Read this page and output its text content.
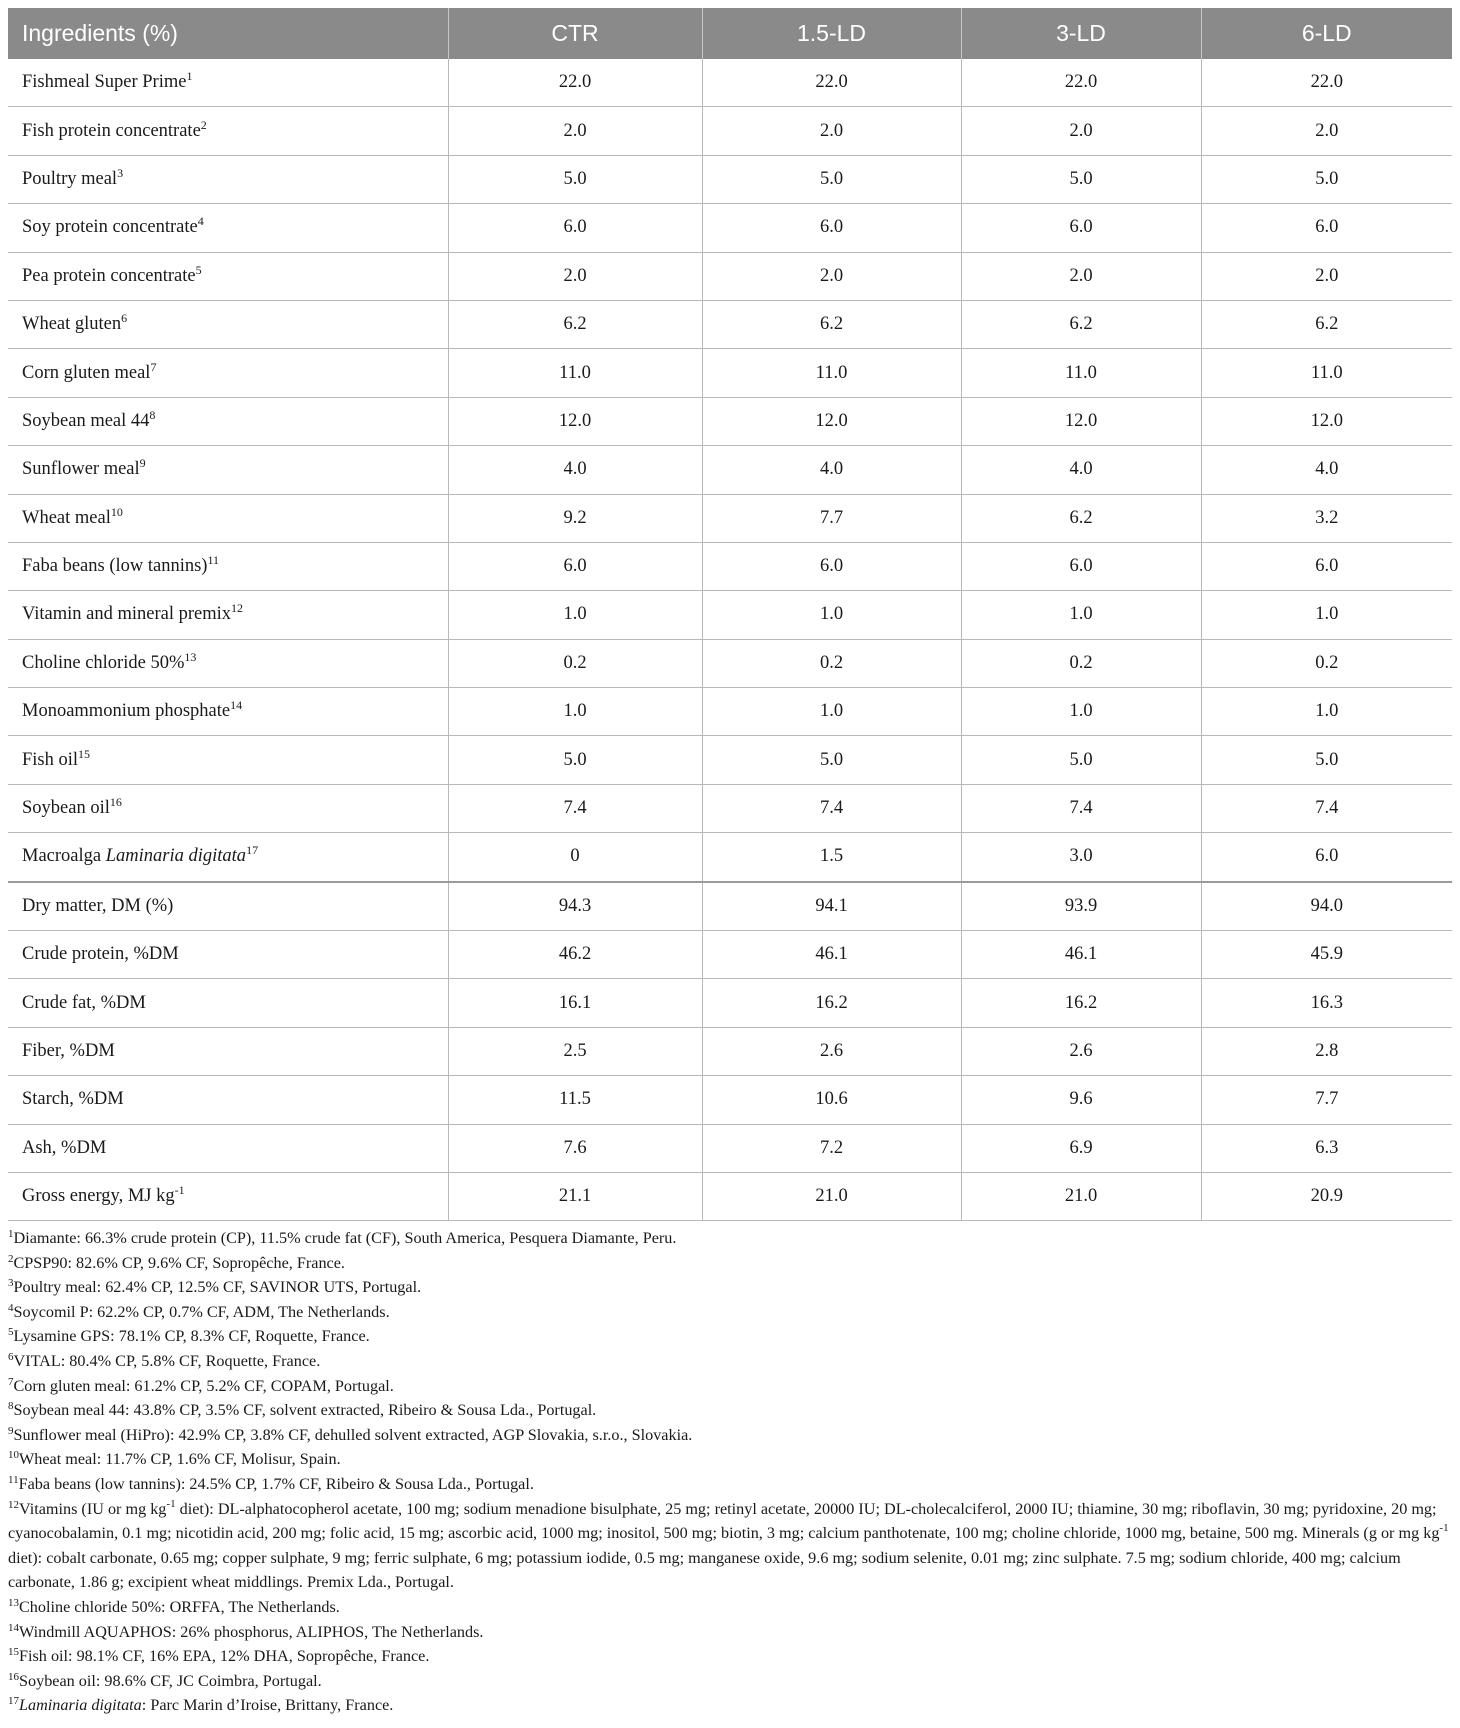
Ingredients (%)	CTR	1.5-LD	3-LD	6-LD
Fishmeal Super Prime$^1$	22.0	22.0	22.0	22.0
Fish protein concentrate$^2$	2.0	2.0	2.0	2.0
Poultry meal$^3$	5.0	5.0	5.0	5.0
Soy protein concentrate$^4$	6.0	6.0	6.0	6.0
Pea protein concentrate$^5$	2.0	2.0	2.0	2.0
Wheat gluten$^6$	6.2	6.2	6.2	6.2
Corn gluten meal$^7$	11.0	11.0	11.0	11.0
Soybean meal $44^8$	12.0	12.0	12.0	12.0
Sunflower meal$^9$	4.0	4.0	4.0	4.0
Wheat meal$^{10}$	9.2	7.7	6.2	3.2
Faba beans (low tannins)$^{11}$	6.0	6.0	6.0	6.0
Vitamin and mineral premix$^{12}$	1.0	1.0	1.0	1.0
Choline chloride 50%$^{13}$	0.2	0.2	0.2	0.2
Monoammonium phosphate$^{14}$	1.0	1.0	1.0	1.0
Fish oil$^{15}$	5.0	5.0	5.0	5.0
Soybean oil$^{16}$	7.4	7.4	7.4	7.4
Macroalga Laminaria digitata$^{17}$	0	1.5	3.0	6.0
Dry matter, DM (%)	94.3	94.1	93.9	94.0
Crude protein, %DM	46.2	46.1	46.1	45.9
Crude fat, %DM	16.1	16.2	16.2	16.3
Fiber, %DM	2.5	2.6	2.6	2.8
Starch, %DM	11.5	10.6	9.6	7.7
Ash, %DM	7.6	7.2	6.9	6.3
Gross energy, MJ $kg^{-1}$	21.1	21.0	21.0	20.9
$^1$Diamante: 66.3% crude protein (CP), 11.5% crude fat (CF), South America, Pesquera Diamante, Peru.
$^2$CPSP90: 82.6% CP, 9.6% CF, Sopropêche, France.
$^3$Poultry meal: 62.4% CP, 12.5% CF, SAVINOR UTS, Portugal.
$^4$Soycomil P: 62.2% CP, 0.7% CF, ADM, The Netherlands.
$^5$Lysamine GPS: 78.1% CP, 8.3% CF, Roquette, France.
$^6$VITAL: 80.4% CP, 5.8% CF, Roquette, France.
$^7$Corn gluten meal: 61.2% CP, 5.2% CF, COPAM, Portugal.
$^8$Soybean meal 44: 43.8% CP, 3.5% CF, solvent extracted, Ribeiro & Sousa Lda., Portugal.
$^9$Sunflower meal (HiPro): 42.9% CP, 3.8% CF, dehulled solvent extracted, AGP Slovakia, s.r.o., Slovakia.
$^{10}$Wheat meal: 11.7% CP, 1.6% CF, Molisur, Spain.
$^{11}$Faba beans (low tannins): 24.5% CP, 1.7% CF, Ribeiro & Sousa Lda., Portugal.
$^{12}$Vitamins (IU or mg $kg^{-1}$ diet): DL-alphatocopherol acetate, 100 mg; sodium menadione bisulphate, 25 mg; retinyl acetate, 20000 IU; DL-cholecalciferol, 2000 IU; thiamine, 30 mg; riboflavin, 30 mg; pyridoxine, 20 mg; cyanocobalamin, 0.1 mg; nicotidin acid, 200 mg; folic acid, 15 mg; ascorbic acid, 1000 mg; inositol, 500 mg; biotin, 3 mg; calcium panthotenate, 100 mg; choline chloride, 1000 mg, betaine, 500 mg. Minerals (g or mg $kg^{-1}$ diet): cobalt carbonate, 0.65 mg; copper sulphate, 9 mg; ferric sulphate, 6 mg; potassium iodide, 0.5 mg; manganese oxide, 9.6 mg; sodium selenite, 0.01 mg; zinc sulphate. 7.5 mg; sodium chloride, 400 mg; calcium carbonate, 1.86 g; excipient wheat middlings. Premix Lda., Portugal.
$^{13}$Choline chloride 50%: ORFFA, The Netherlands.
$^{14}$Windmill AQUAPHOS: 26% phosphorus, ALIPHOS, The Netherlands.
$^{15}$Fish oil: 98.1% CF, 16% EPA, 12% DHA, Sopropêche, France.
$^{16}$Soybean oil: 98.6% CF, JC Coimbra, Portugal.
$^{17}$Laminaria digitata: Parc Marin d’Iroise, Brittany, France.
